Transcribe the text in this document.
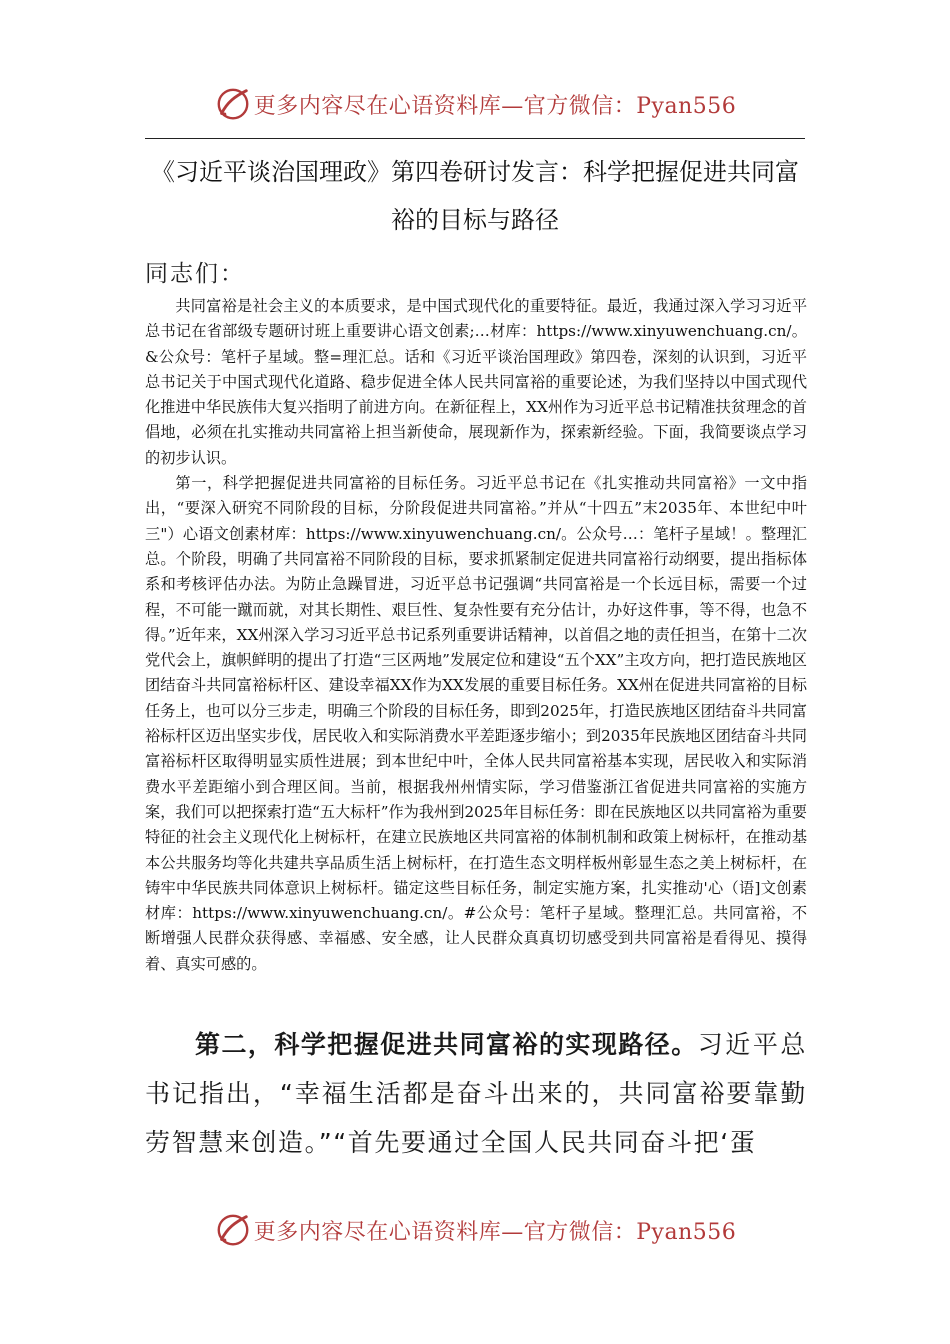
更多内容尽在心语资料库—官方微信：Pyan556
《习近平谈治国理政》第四卷研讨发言：科学把握促进共同富裕的目标与路径
同志们：

共同富裕是社会主义的本质要求，是中国式现代化的重要特征。最近，我通过深入学习习近平总书记在省部级专题研讨班上重要讲心语文创素;…材库：https://www.xinyuwenchuang.cn/。&公众号：笔杆子星域。整=理汇总。话和《习近平谈治国理政》第四卷，深刻的认识到，习近平总书记关于中国式现代化道路、稳步促进全体人民共同富裕的重要论述，为我们坚持以中国式现代化推进中华民族伟大复兴指明了前进方向。在新征程上，XX州作为习近平总书记精准扶贫理念的首倡地，必须在扎实推动共同富裕上担当新使命，展现新作为，探索新经验。下面，我简要谈点学习的初步认识。

第一，科学把握促进共同富裕的目标任务。习近平总书记在《扎实推动共同富裕》一文中指出，“要深入研究不同阶段的目标，分阶段促进共同富裕。”并从“十四五”末2035年、本世纪中叶三"）心语文创素材库：https://www.xinyuwenchuang.cn/。公众号…：笔杆子星域！。整理汇总。个阶段，明确了共同富裕不同阶段的目标，要求抓紧制定促进共同富裕行动纲要，提出指标体系和考核评估办法。为防止急躁冒进，习近平总书记强调“共同富裕是一个长远目标，需要一个过程，不可能一蹴而就，对其长期性、艰巨性、复杂性要有充分估计，办好这件事，等不得，也急不得。”近年来，XX州深入学习习近平总书记系列重要讲话精神，以首倡之地的责任担当，在第十二次党代会上，旗帜鲜明的提出了打造“三区两地”发展定位和建设“五个XX”主攻方向，把打造民族地区团结奋斗共同富裕标杆区、建设幸福XX作为XX发展的重要目标任务。XX州在促进共同富裕的目标任务上，也可以分三步走，明确三个阶段的目标任务，即到2025年，打造民族地区团结奋斗共同富裕标杆区迈出坚实步伐，居民收入和实际消费水平差距逐步缩小；到2035年民族地区团结奋斗共同富裕标杆区取得明显实质性进展；到本世纪中叶，全体人民共同富裕基本实现，居民收入和实际消费水平差距缩小到合理区间。当前，根据我州州情实际，学习借鉴浙江省促进共同富裕的实施方案，我们可以把探索打造“五大标杆”作为我州到2025年目标任务：即在民族地区以共同富裕为重要特征的社会主义现代化上树标杆，在建立民族地区共同富裕的体制机制和政策上树标杆，在推动基本公共服务均等化共建共享品质生活上树标杆，在打造生态文明样板州彰显生态之美上树标杆，在铸牢中华民族共同体意识上树标杆。锚定这些目标任务，制定实施方案，扎实推动'心（语]文创素材库：https://www.xinyuwenchuang.cn/。#公众号：笔杆子星域。整理汇总。共同富裕，不断增强人民群众获得感、幸福感、安全感，让人民群众真真切切感受到共同富裕是看得见、摸得着、真实可感的。

第二，科学把握促进共同富裕的实现路径。习近平总书记指出，“幸福生活都是奋斗出来的，共同富裕要靠勤劳智慧来创造。”“首先要通过全国人民共同奋斗把‘蛋
更多内容尽在心语资料库—官方微信：Pyan556
